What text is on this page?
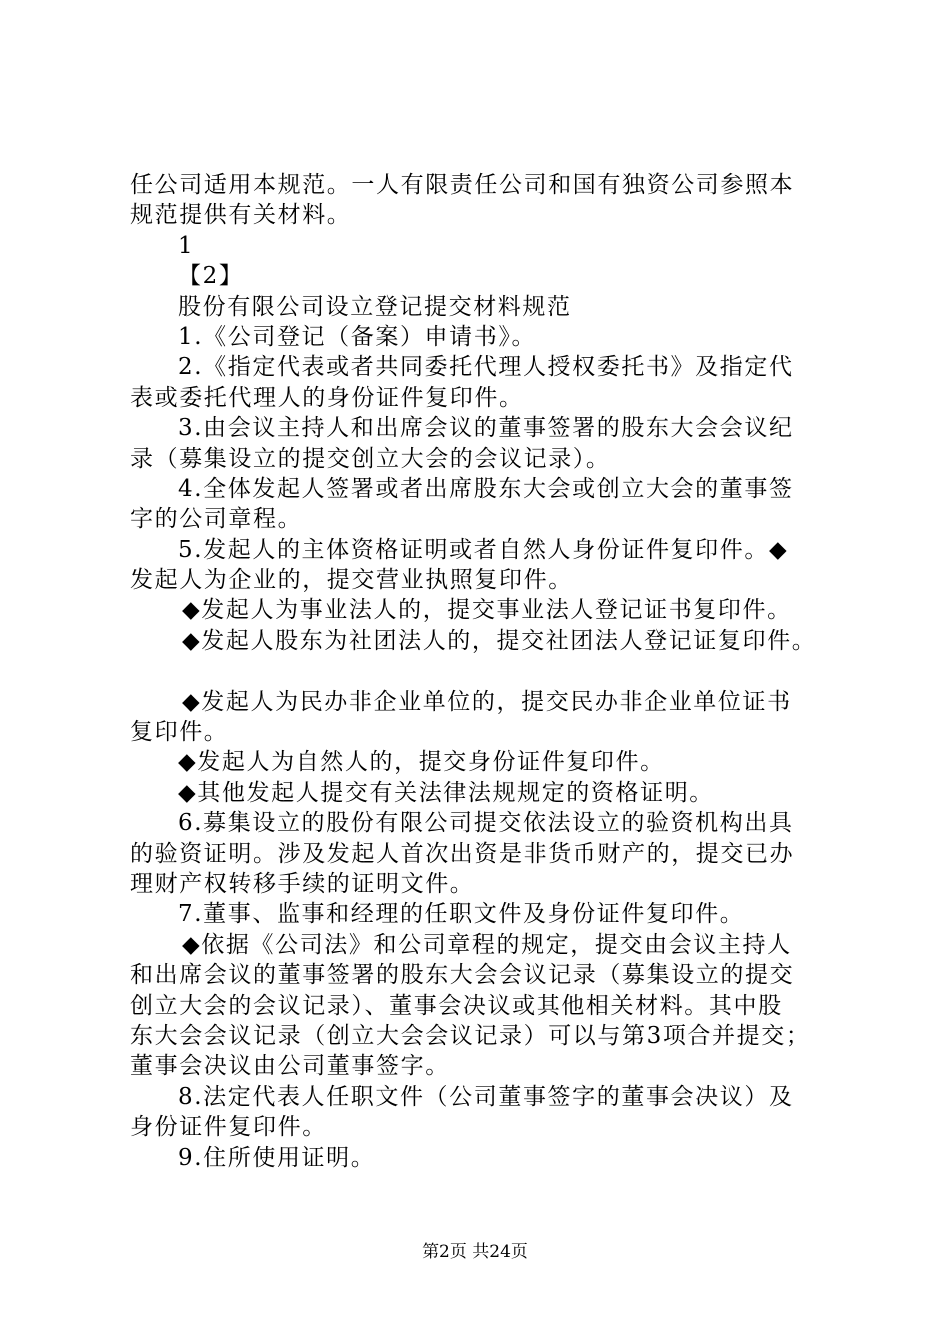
任公司适用本规范。一人有限责任公司和国有独资公司参照本
规范提供有关材料。
1
【2】
股份有限公司设立登记提交材料规范
1.《公司登记（备案）申请书》。
2.《指定代表或者共同委托代理人授权委托书》及指定代
表或委托代理人的身份证件复印件。
3.由会议主持人和出席会议的董事签署的股东大会会议纪
录（募集设立的提交创立大会的会议记录）。
4.全体发起人签署或者出席股东大会或创立大会的董事签
字的公司章程。
5.发起人的主体资格证明或者自然人身份证件复印件。◆
发起人为企业的，提交营业执照复印件。
◆发起人为事业法人的，提交事业法人登记证书复印件。
◆发起人股东为社团法人的，提交社团法人登记证复印件。
◆发起人为民办非企业单位的，提交民办非企业单位证书
复印件。
◆发起人为自然人的，提交身份证件复印件。
◆其他发起人提交有关法律法规规定的资格证明。
6.募集设立的股份有限公司提交依法设立的验资机构出具
的验资证明。涉及发起人首次出资是非货币财产的，提交已办
理财产权转移手续的证明文件。
7.董事、监事和经理的任职文件及身份证件复印件。
◆依据《公司法》和公司章程的规定，提交由会议主持人
和出席会议的董事签署的股东大会会议记录（募集设立的提交
创立大会的会议记录）、董事会决议或其他相关材料。其中股
东大会会议记录（创立大会会议记录）可以与第3项合并提交；
董事会决议由公司董事签字。
8.法定代表人任职文件（公司董事签字的董事会决议）及
身份证件复印件。
9.住所使用证明。
第2页 共24页
